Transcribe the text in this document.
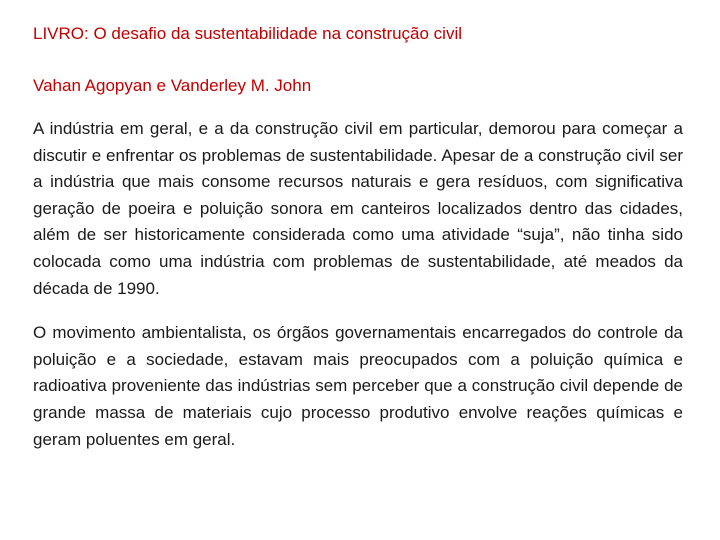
LIVRO: O desafio da sustentabilidade na construção civil
Vahan Agopyan e Vanderley M. John

A indústria em geral, e a da construção civil em particular, demorou para começar a discutir e enfrentar os problemas de sustentabilidade. Apesar de a construção civil ser a indústria que mais consome recursos naturais e gera resíduos, com significativa geração de poeira e poluição sonora em canteiros localizados dentro das cidades, além de ser historicamente considerada como uma atividade “suja”, não tinha sido colocada como uma indústria com problemas de sustentabilidade, até meados da década de 1990.

O movimento ambientalista, os órgãos governamentais encarregados do controle da poluição e a sociedade, estavam mais preocupados com a poluição química e radioativa proveniente das indústrias sem perceber que a construção civil depende de grande massa de materiais cujo processo produtivo envolve reações químicas e geram poluentes em geral.
